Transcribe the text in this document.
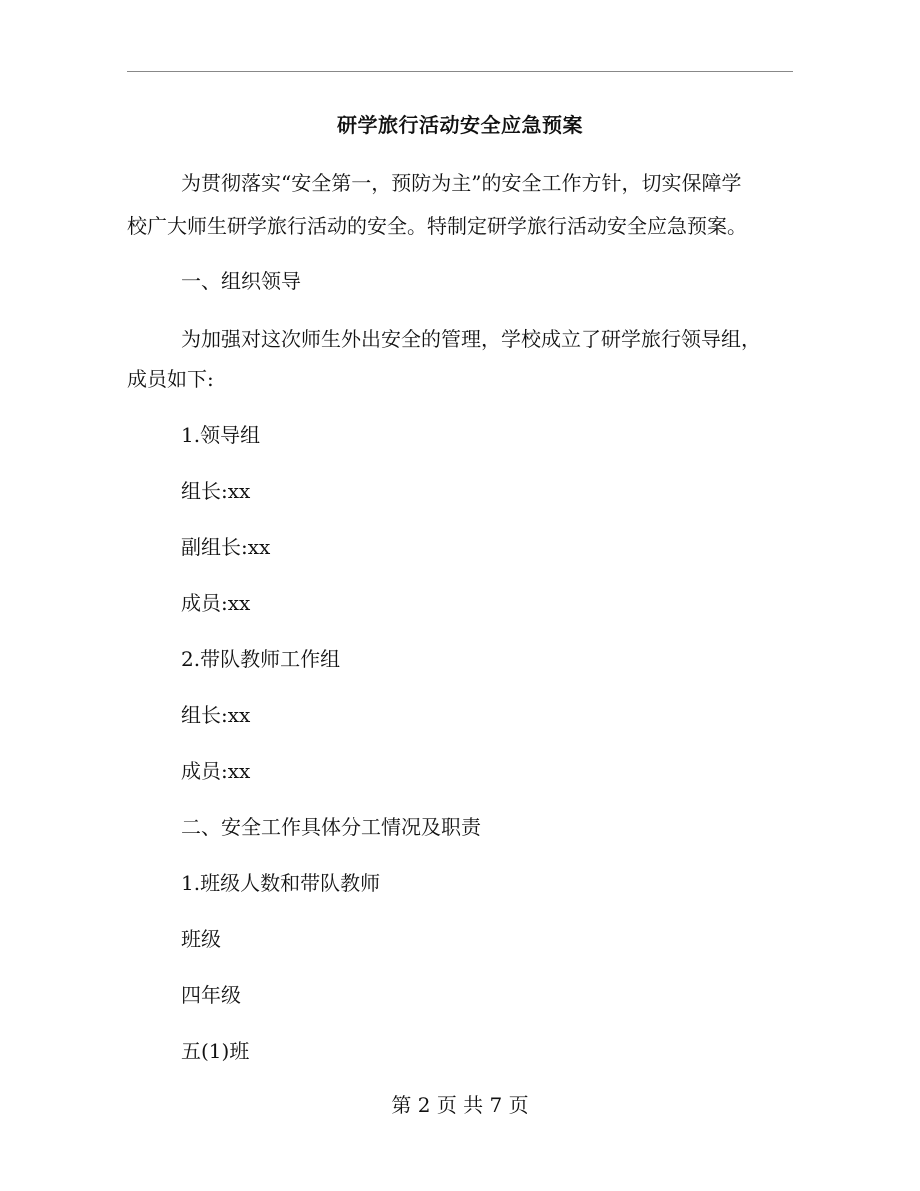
研学旅行活动安全应急预案
为贯彻落实“安全第一，预防为主”的安全工作方针，切实保障学
校广大师生研学旅行活动的安全。特制定研学旅行活动安全应急预案。
一、组织领导
为加强对这次师生外出安全的管理，学校成立了研学旅行领导组，
成员如下:
1.领导组
组长:xx
副组长:xx
成员:xx
2.带队教师工作组
组长:xx
成员:xx
二、安全工作具体分工情况及职责
1.班级人数和带队教师
班级
四年级
五(1)班
第 2 页 共 7 页
